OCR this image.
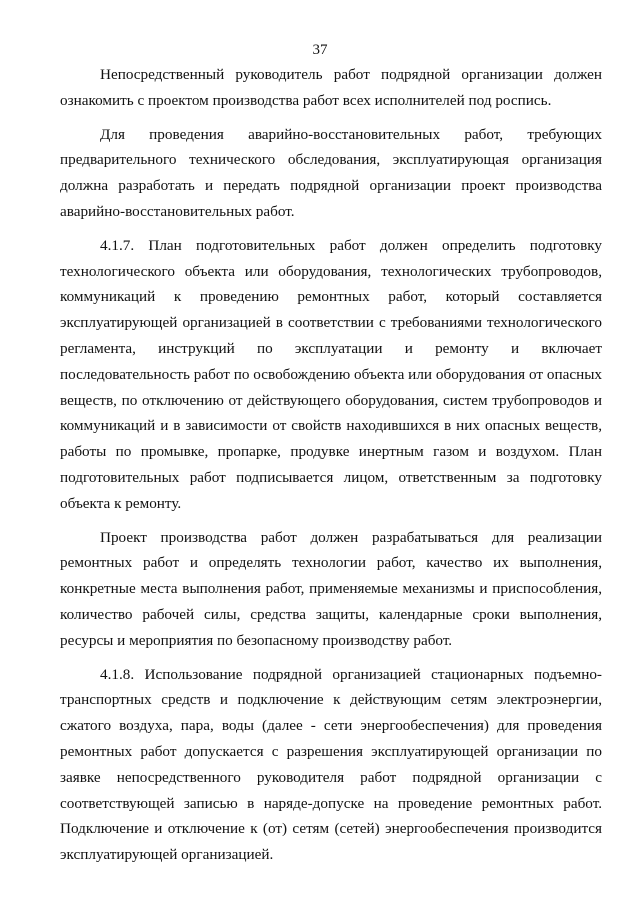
37

Непосредственный руководитель работ подрядной организации должен ознакомить с проектом производства работ всех исполнителей под роспись.

Для проведения аварийно-восстановительных работ, требующих предварительного технического обследования, эксплуатирующая организация должна разработать и передать подрядной организации проект производства аварийно-восстановительных работ.

4.1.7. План подготовительных работ должен определить подготовку технологического объекта или оборудования, технологических трубопроводов, коммуникаций к проведению ремонтных работ, который составляется эксплуатирующей организацией в соответствии с требованиями технологического регламента, инструкций по эксплуатации и ремонту и включает последовательность работ по освобождению объекта или оборудования от опасных веществ, по отключению от действующего оборудования, систем трубопроводов и коммуникаций и в зависимости от свойств находившихся в них опасных веществ, работы по промывке, пропарке, продувке инертным газом и воздухом. План подготовительных работ подписывается лицом, ответственным за подготовку объекта к ремонту.

Проект производства работ должен разрабатываться для реализации ремонтных работ и определять технологии работ, качество их выполнения, конкретные места выполнения работ, применяемые механизмы и приспособления, количество рабочей силы, средства защиты, календарные сроки выполнения, ресурсы и мероприятия по безопасному производству работ.

4.1.8. Использование подрядной организацией стационарных подъемно-транспортных средств и подключение к действующим сетям электроэнергии, сжатого воздуха, пара, воды (далее - сети энергообеспечения) для проведения ремонтных работ допускается с разрешения эксплуатирующей организации по заявке непосредственного руководителя работ подрядной организации с соответствующей записью в наряде-допуске на проведение ремонтных работ. Подключение и отключение к (от) сетям (сетей) энергообеспечения производится эксплуатирующей организацией.
